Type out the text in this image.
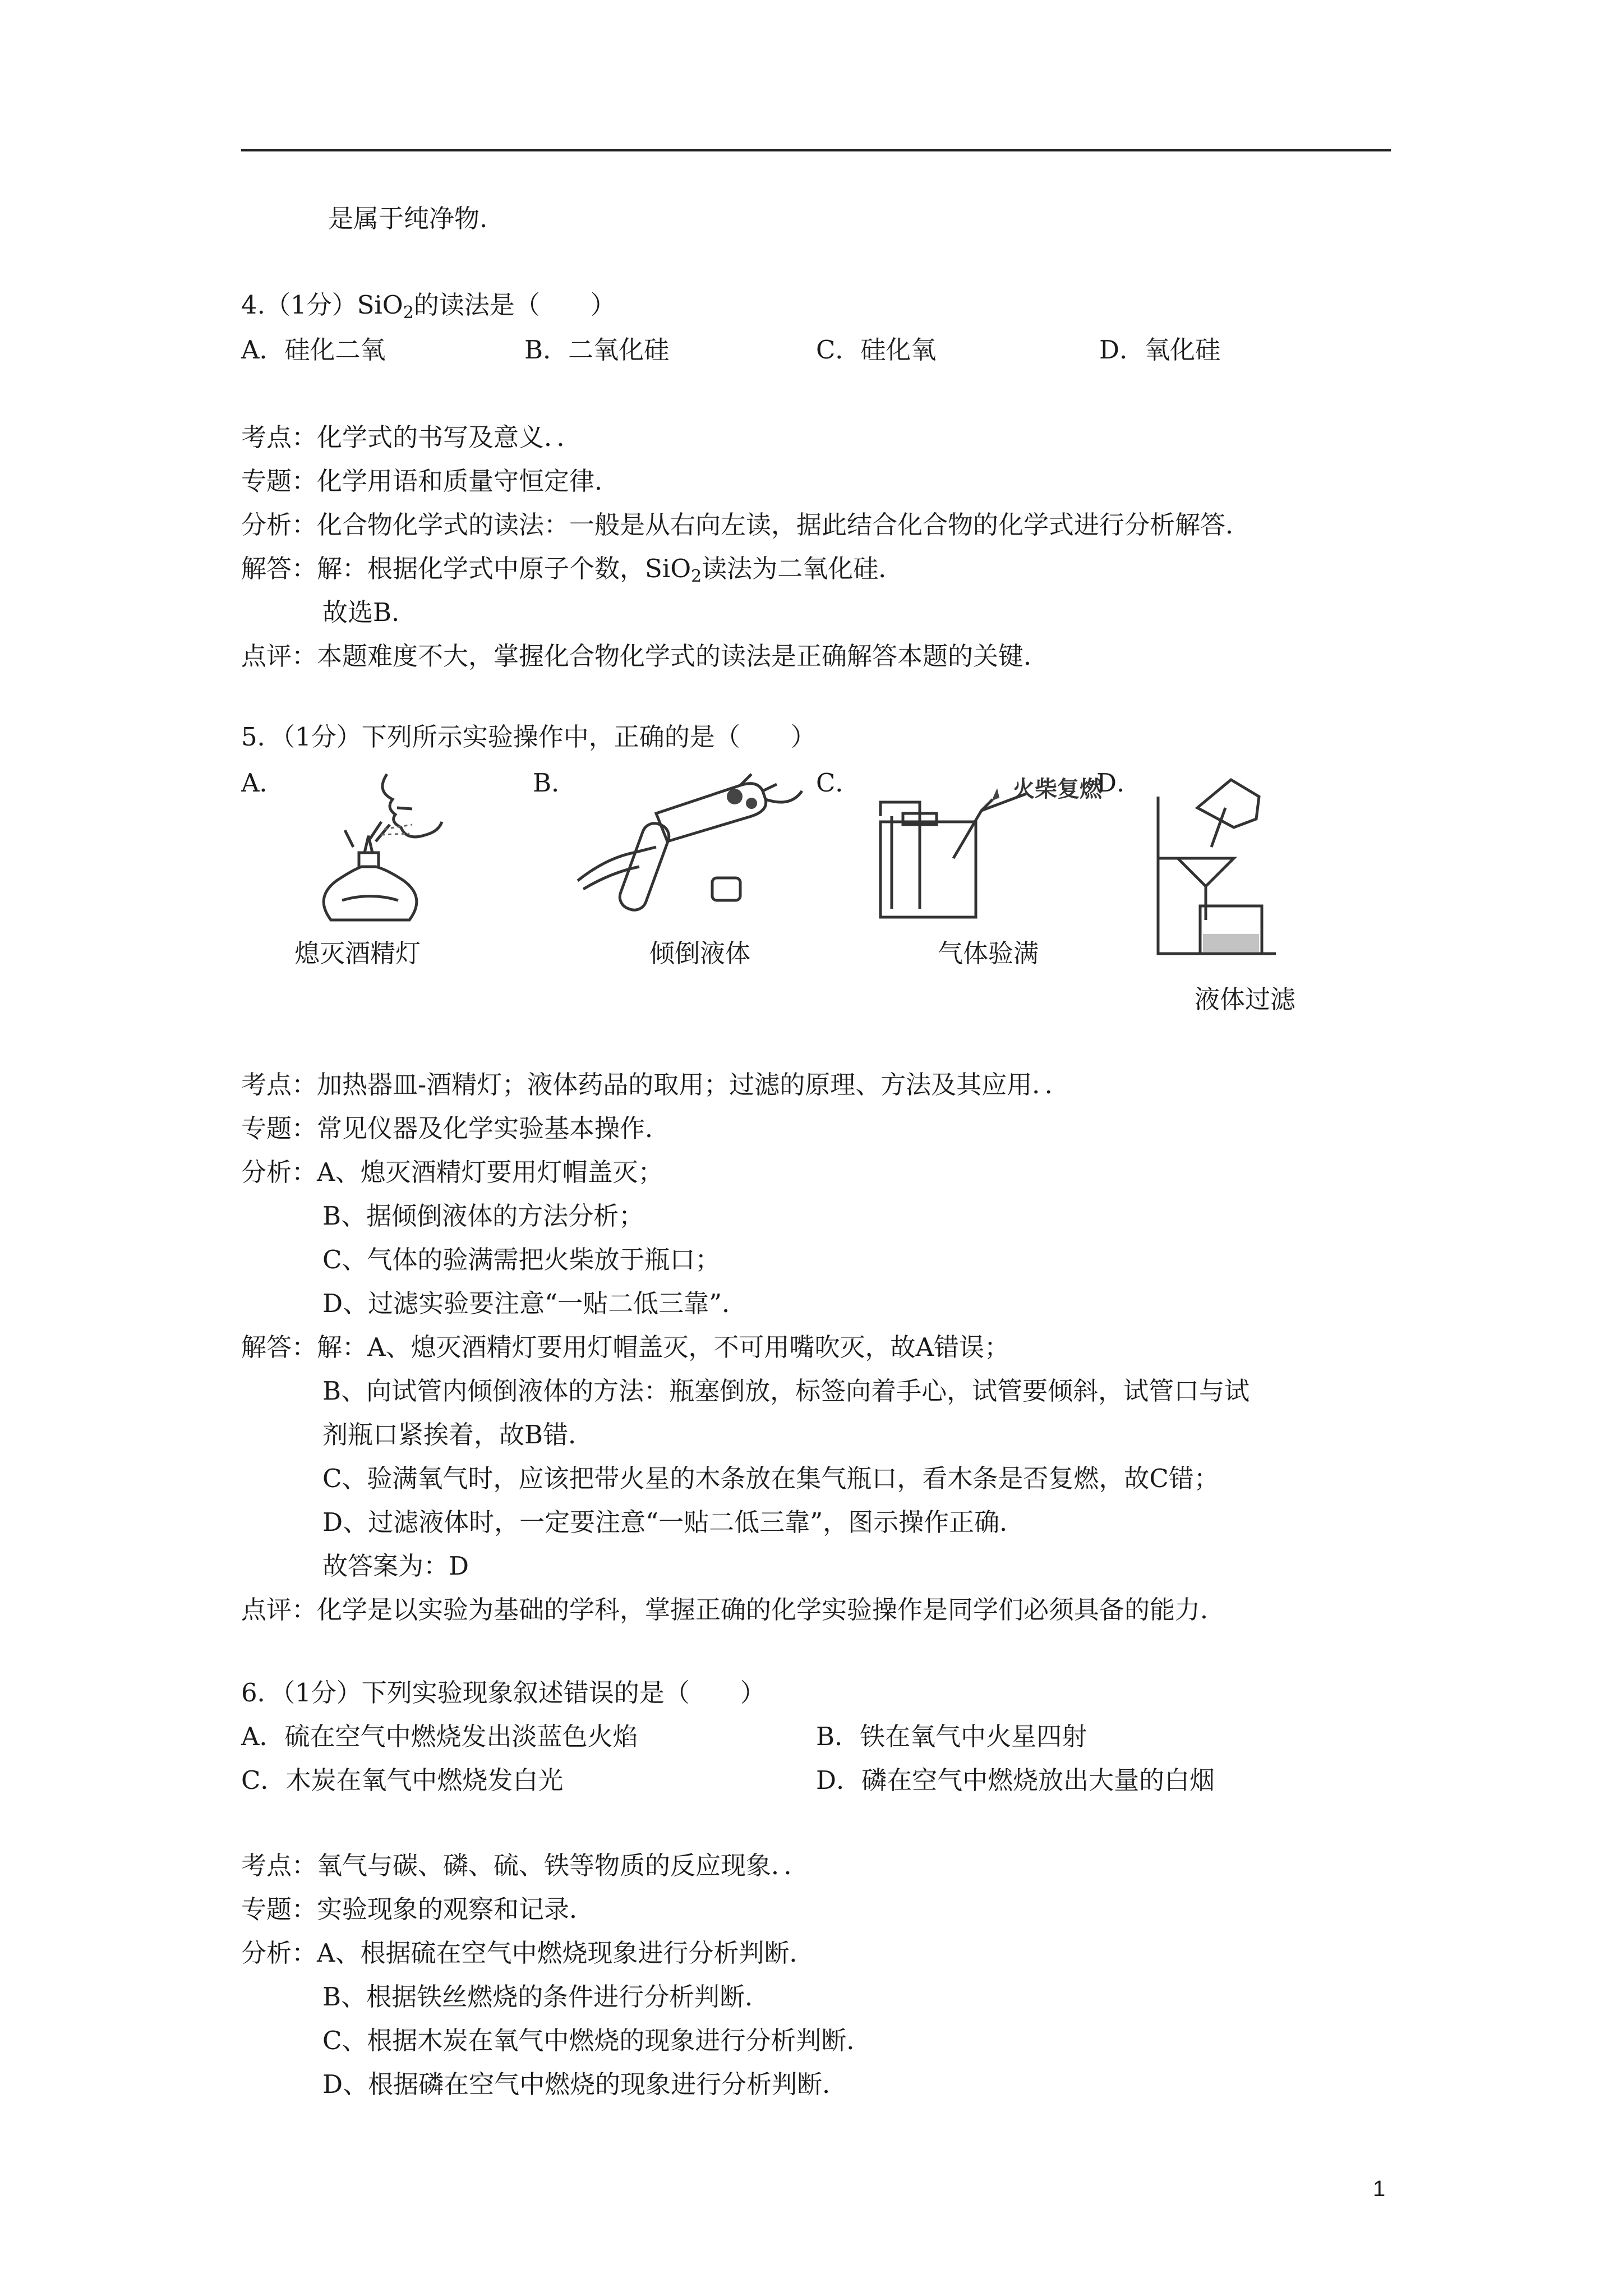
是属于纯净物.
4.（1分）SiO$_2$的读法是（　　）
A．硅化二氧	B．二氧化硅	C．硅化氧	D．氧化硅
考点：化学式的书写及意义．．
专题：化学用语和质量守恒定律．
分析：化合物化学式的读法：一般是从右向左读，据此结合化合物的化学式进行分析解答．
解答：解：根据化学式中原子个数，SiO$_2$读法为二氧化硅．
故选B．
点评：本题难度不大，掌握化合物化学式的读法是正确解答本题的关键．
5．（1分）下列所示实验操作中，正确的是（　　）
A．	B．	C．	D．
火柴复燃
熄灭酒精灯	倾倒液体	气体验满
液体过滤
考点：加热器皿-酒精灯；液体药品的取用；过滤的原理、方法及其应用．．
专题：常见仪器及化学实验基本操作．
分析：A、熄灭酒精灯要用灯帽盖灭；
B、据倾倒液体的方法分析；
C、气体的验满需把火柴放于瓶口；
D、过滤实验要注意“一贴二低三靠”．
解答：解：A、熄灭酒精灯要用灯帽盖灭，不可用嘴吹灭，故A错误；
B、向试管内倾倒液体的方法：瓶塞倒放，标签向着手心，试管要倾斜，试管口与试
剂瓶口紧挨着，故B错．
C、验满氧气时，应该把带火星的木条放在集气瓶口，看木条是否复燃，故C错；
D、过滤液体时，一定要注意“一贴二低三靠”，图示操作正确．
故答案为：D
点评：化学是以实验为基础的学科，掌握正确的化学实验操作是同学们必须具备的能力．
6．（1分）下列实验现象叙述错误的是（　　）
A．硫在空气中燃烧发出淡蓝色火焰	B．铁在氧气中火星四射
C．木炭在氧气中燃烧发白光	D．磷在空气中燃烧放出大量的白烟
考点：氧气与碳、磷、硫、铁等物质的反应现象．．
专题：实验现象的观察和记录．
分析：A、根据硫在空气中燃烧现象进行分析判断．
B、根据铁丝燃烧的条件进行分析判断．
C、根据木炭在氧气中燃烧的现象进行分析判断．
D、根据磷在空气中燃烧的现象进行分析判断．
1
